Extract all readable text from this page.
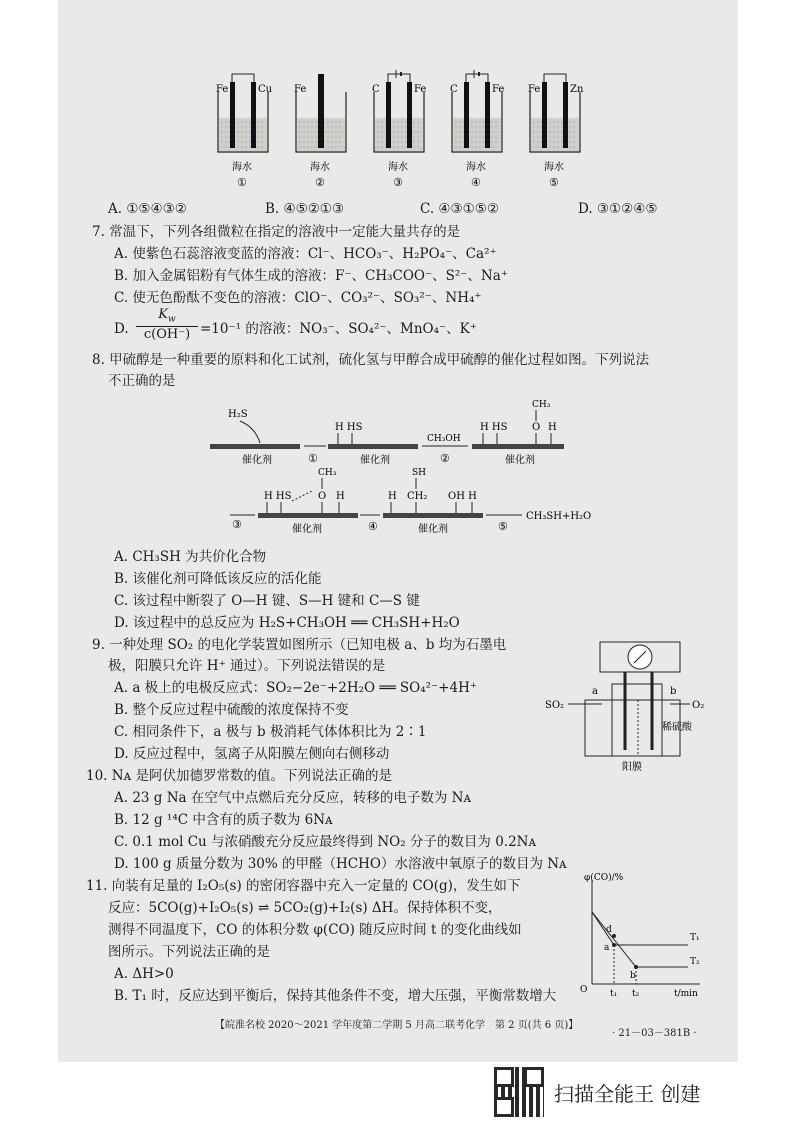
Fe	Cu
海水
①
Fe
海水
②
C	Fe
海水
③
C	Fe
海水
④
Fe	Zn
海水
⑤
A. ①⑤④③②	B. ④⑤②①③	C. ④③①⑤②	D. ③①②④⑤
7. 常温下，下列各组微粒在指定的溶液中一定能大量共存的是
A. 使紫色石蕊溶液变蓝的溶液：Cl⁻、HCO₃⁻、H₂PO₄⁻、Ca²⁺
B. 加入金属铝粉有气体生成的溶液：F⁻、CH₃COO⁻、S²⁻、Na⁺
C. 使无色酚酞不变色的溶液：ClO⁻、CO₃²⁻、SO₃²⁻、NH₄⁺
D. $\frac{K_w}{c(OH^-)} =10^{-1}$ 的溶液：NO₃⁻、SO₄²⁻、MnO₄⁻、K⁺
8. 甲硫醇是一种重要的原料和化工试剂，硫化氢与甲醇合成甲硫醇的催化过程如图。下列说法
不正确的是
H₂S
催化剂	①
H HS
催化剂
CH₃OH
②
H HS
CH₃
O H
催化剂
③
H HS
CH₃
O H
催化剂	④
SH
H CH₂ OH H
催化剂	⑤
CH₃SH+H₂O
A. CH₃SH 为共价化合物
B. 该催化剂可降低该反应的活化能
C. 该过程中断裂了 O—H 键、S—H 键和 C—S 键
D. 该过程中的总反应为 H₂S+CH₃OH ══ CH₃SH+H₂O
9. 一种处理 SO₂ 的电化学装置如图所示（已知电极 a、b 均为石墨电
极，阳膜只允许 H⁺ 通过）。下列说法错误的是
A. a 极上的电极反应式：SO₂−2e⁻+2H₂O ══ SO₄²⁻+4H⁺
B. 整个反应过程中硫酸的浓度保持不变
C. 相同条件下，a 极与 b 极消耗气体体积比为 2∶1
D. 反应过程中，氢离子从阳膜左侧向右侧移动
a	b
SO₂	O₂
稀硫酸
阳膜
10. Nᴀ 是阿伏加德罗常数的值。下列说法正确的是
A. 23 g Na 在空气中点燃后充分反应，转移的电子数为 Nᴀ
B. 12 g ¹⁴C 中含有的质子数为 6Nᴀ
C. 0.1 mol Cu 与浓硝酸充分反应最终得到 NO₂ 分子的数目为 0.2Nᴀ
D. 100 g 质量分数为 30% 的甲醛（HCHO）水溶液中氧原子的数目为 Nᴀ
11. 向装有足量的 I₂O₅(s) 的密闭容器中充入一定量的 CO(g)，发生如下
反应：5CO(g)+I₂O₅(s) ⇌ 5CO₂(g)+I₂(s) ΔH。保持体积不变，
测得不同温度下，CO 的体积分数 φ(CO) 随反应时间 t 的变化曲线如
图所示。下列说法正确的是
A. ΔH>0
B. T₁ 时，反应达到平衡后，保持其他条件不变，增大压强，平衡常数增大
φ(CO)/%
t/min
O
T₁
T₂
a
b
d
t₁ t₂
【皖淮名校 2020～2021 学年度第二学期 5 月高二联考化学　第 2 页(共 6 页)】
· 21－03－381B ·
扫描全能王 创建
